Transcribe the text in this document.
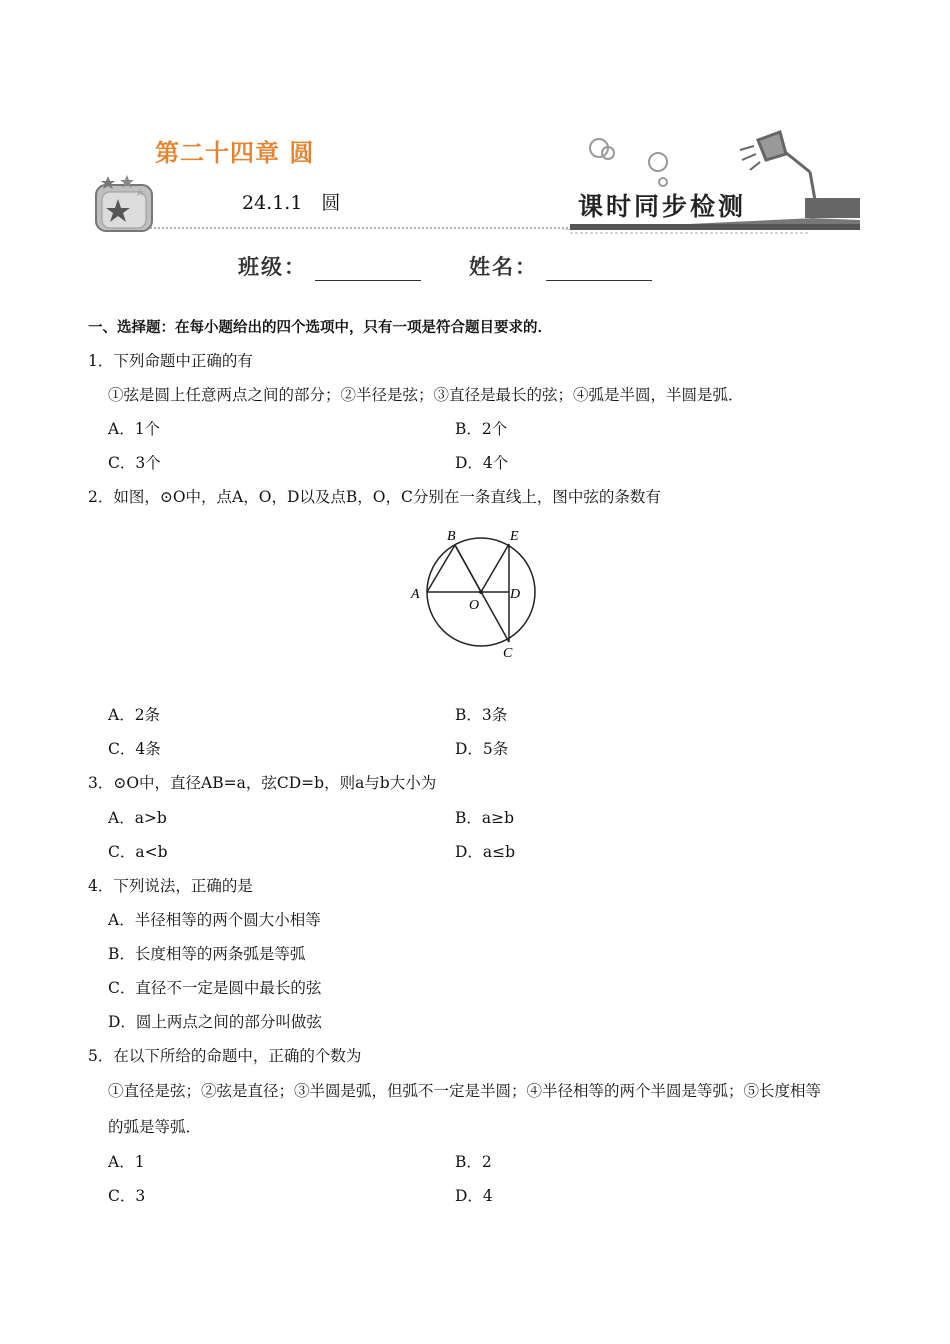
第二十四章 圆
24.1.1　圆	课时同步检测
班级：	姓名：
一、选择题：在每小题给出的四个选项中，只有一项是符合题目要求的．
1．下列命题中正确的有
①弦是圆上任意两点之间的部分；②半径是弦；③直径是最长的弦；④弧是半圆，半圆是弧．
A．1个	B．2个
C．3个	D．4个
2．如图，⊙O中，点A，O，D以及点B，O，C分别在一条直线上，图中弦的条数有
A
B
C
D
E
O
A．2条	B．3条
C．4条	D．5条
3．⊙O中，直径AB=a，弦CD=b，则a与b大小为
A．a>b	B．a≥b
C．a<b	D．a≤b
4．下列说法，正确的是
A．半径相等的两个圆大小相等
B．长度相等的两条弧是等弧
C．直径不一定是圆中最长的弦
D．圆上两点之间的部分叫做弦
5．在以下所给的命题中，正确的个数为
①直径是弦；②弦是直径；③半圆是弧，但弧不一定是半圆；④半径相等的两个半圆是等弧；⑤长度相等
的弧是等弧．
A．1	B．2
C．3	D．4
